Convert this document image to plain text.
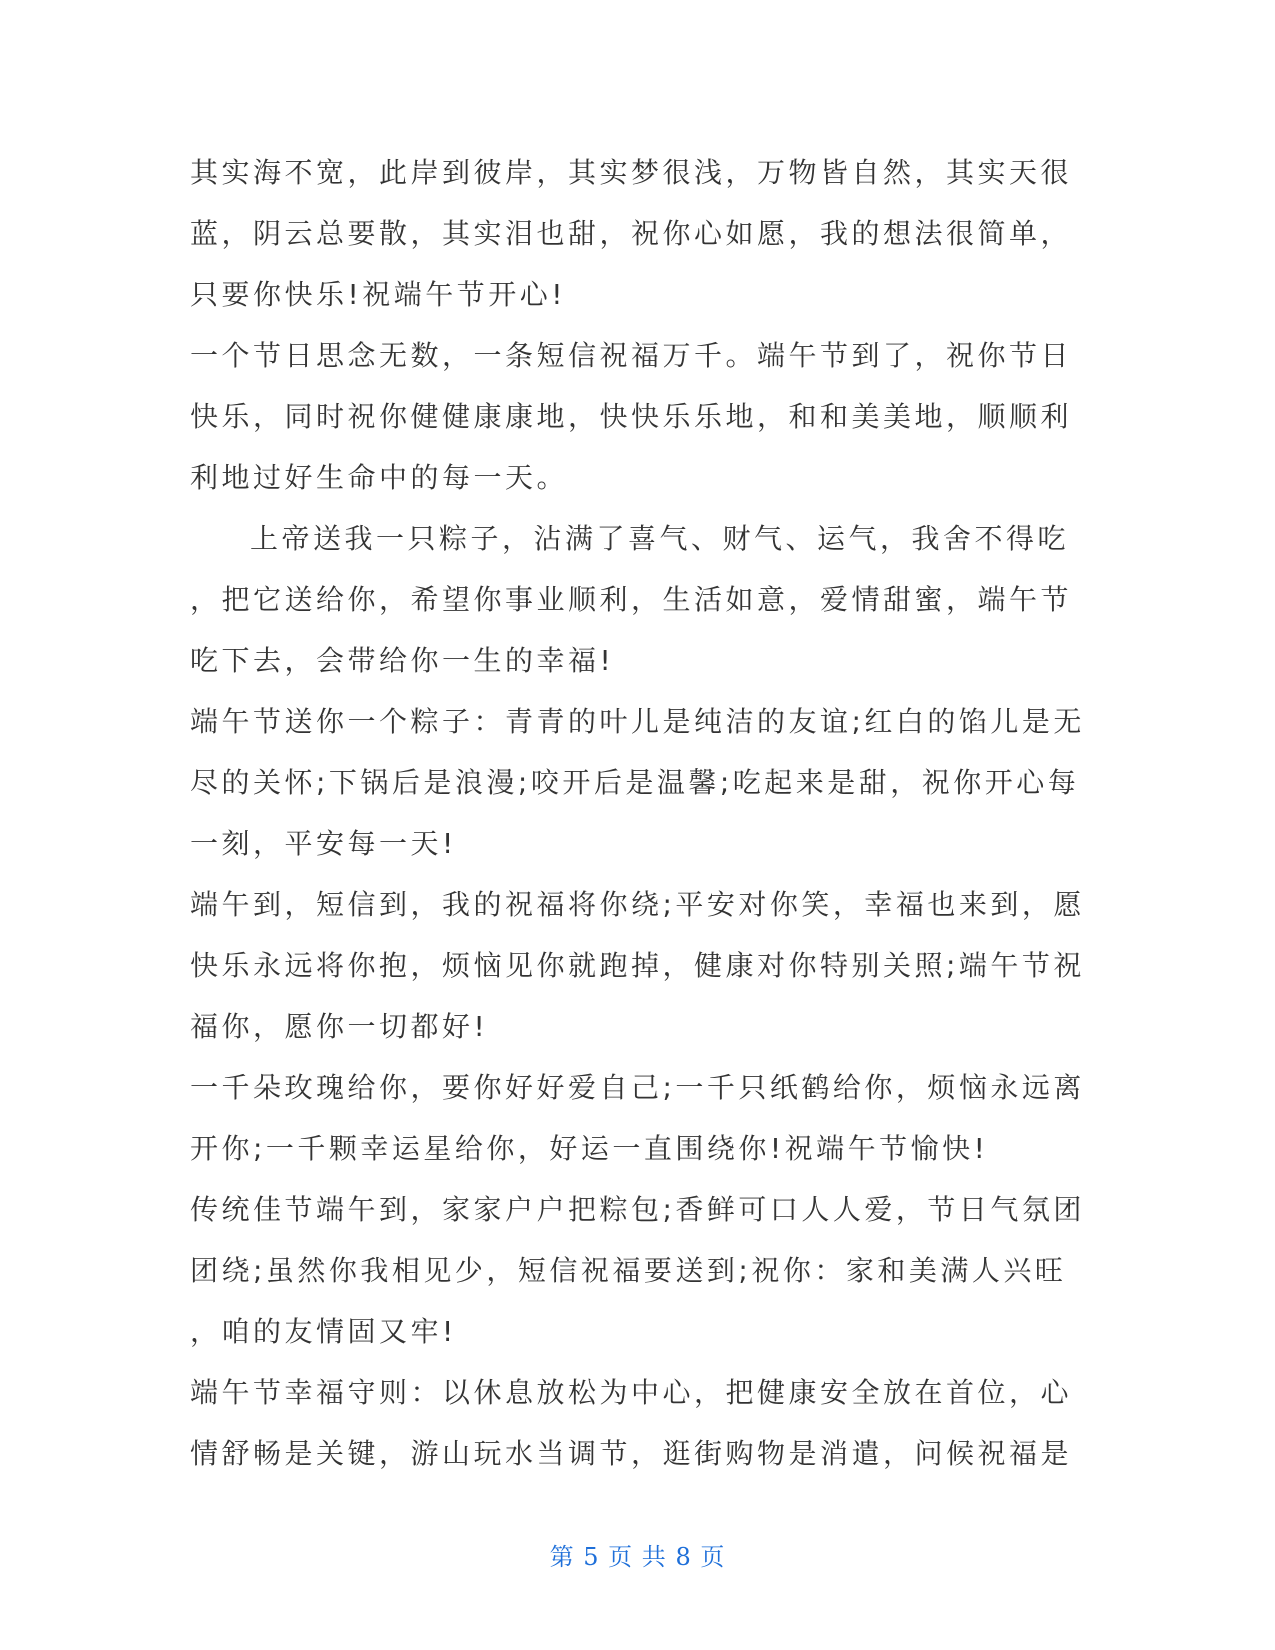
其实海不宽，此岸到彼岸，其实梦很浅，万物皆自然，其实天很
蓝，阴云总要散，其实泪也甜，祝你心如愿，我的想法很简单，
只要你快乐!祝端午节开心!
一个节日思念无数，一条短信祝福万千。端午节到了，祝你节日
快乐，同时祝你健健康康地，快快乐乐地，和和美美地，顺顺利
利地过好生命中的每一天。
上帝送我一只粽子，沾满了喜气、财气、运气，我舍不得吃
，把它送给你，希望你事业顺利，生活如意，爱情甜蜜，端午节
吃下去，会带给你一生的幸福!
端午节送你一个粽子：青青的叶儿是纯洁的友谊;红白的馅儿是无
尽的关怀;下锅后是浪漫;咬开后是温馨;吃起来是甜，祝你开心每
一刻，平安每一天!
端午到，短信到，我的祝福将你绕;平安对你笑，幸福也来到，愿
快乐永远将你抱，烦恼见你就跑掉，健康对你特别关照;端午节祝
福你，愿你一切都好!
一千朵玫瑰给你，要你好好爱自己;一千只纸鹤给你，烦恼永远离
开你;一千颗幸运星给你，好运一直围绕你!祝端午节愉快!
传统佳节端午到，家家户户把粽包;香鲜可口人人爱，节日气氛团
团绕;虽然你我相见少，短信祝福要送到;祝你：家和美满人兴旺
，咱的友情固又牢!
端午节幸福守则：以休息放松为中心，把健康安全放在首位，心
情舒畅是关键，游山玩水当调节，逛街购物是消遣，问候祝福是
第 5 页 共 8 页
